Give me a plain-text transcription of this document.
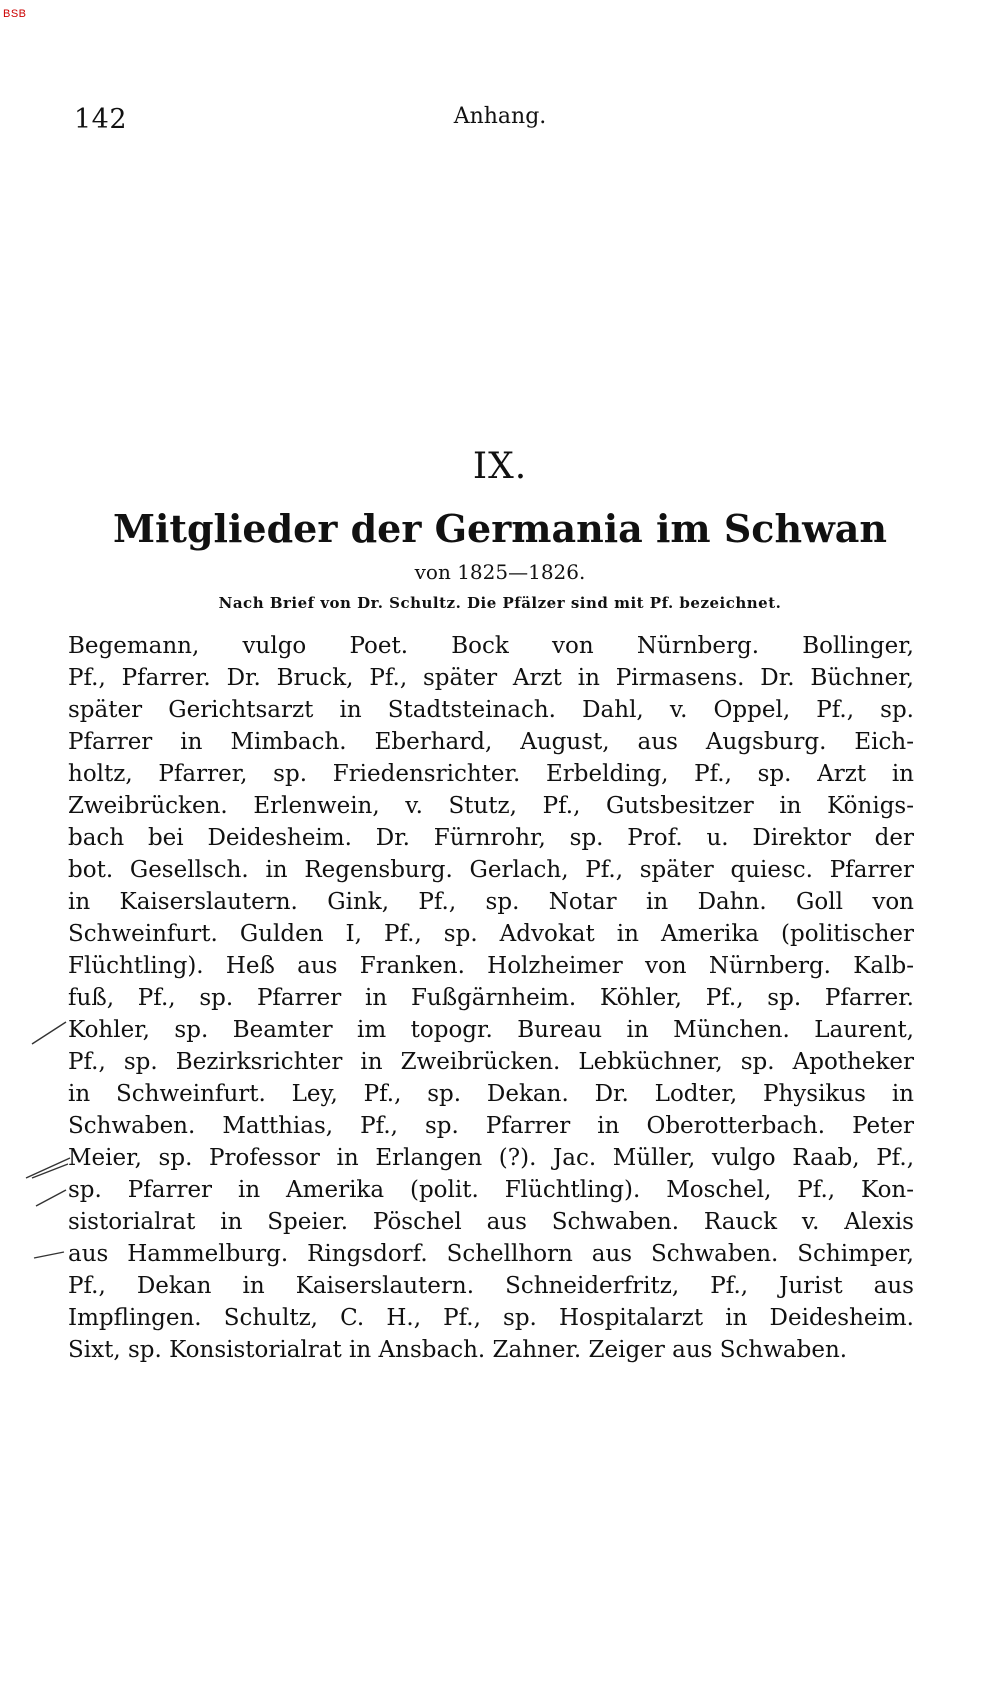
BSB
142	Anhang.
IX.
Mitglieder der Germania im Schwan
von 1825—1826.
Nach Brief von Dr. Schultz. Die Pfälzer sind mit Pf. bezeichnet.
Begemann, vulgo Poet. Bock von Nürnberg. Bollinger,
Pf., Pfarrer. Dr. Bruck, Pf., später Arzt in Pirmasens. Dr. Büchner,
später Gerichtsarzt in Stadtsteinach. Dahl, v. Oppel, Pf., sp.
Pfarrer in Mimbach. Eberhard, August, aus Augsburg. Eich-
holtz, Pfarrer, sp. Friedensrichter. Erbelding, Pf., sp. Arzt in
Zweibrücken. Erlenwein, v. Stutz, Pf., Gutsbesitzer in Königs-
bach bei Deidesheim. Dr. Fürnrohr, sp. Prof. u. Direktor der
bot. Gesellsch. in Regensburg. Gerlach, Pf., später quiesc. Pfarrer
in Kaiserslautern. Gink, Pf., sp. Notar in Dahn. Goll von
Schweinfurt. Gulden I, Pf., sp. Advokat in Amerika (politischer
Flüchtling). Heß aus Franken. Holzheimer von Nürnberg. Kalb-
fuß, Pf., sp. Pfarrer in Fußgärnheim. Köhler, Pf., sp. Pfarrer.
Kohler, sp. Beamter im topogr. Bureau in München. Laurent,
Pf., sp. Bezirksrichter in Zweibrücken. Lebküchner, sp. Apotheker
in Schweinfurt. Ley, Pf., sp. Dekan. Dr. Lodter, Physikus in
Schwaben. Matthias, Pf., sp. Pfarrer in Oberotterbach. Peter
Meier, sp. Professor in Erlangen (?). Jac. Müller, vulgo Raab, Pf.,
sp. Pfarrer in Amerika (polit. Flüchtling). Moschel, Pf., Kon-
sistorialrat in Speier. Pöschel aus Schwaben. Rauck v. Alexis
aus Hammelburg. Ringsdorf. Schellhorn aus Schwaben. Schimper,
Pf., Dekan in Kaiserslautern. Schneiderfritz, Pf., Jurist aus
Impflingen. Schultz, C. H., Pf., sp. Hospitalarzt in Deidesheim.
Sixt, sp. Konsistorialrat in Ansbach. Zahner. Zeiger aus Schwaben.
